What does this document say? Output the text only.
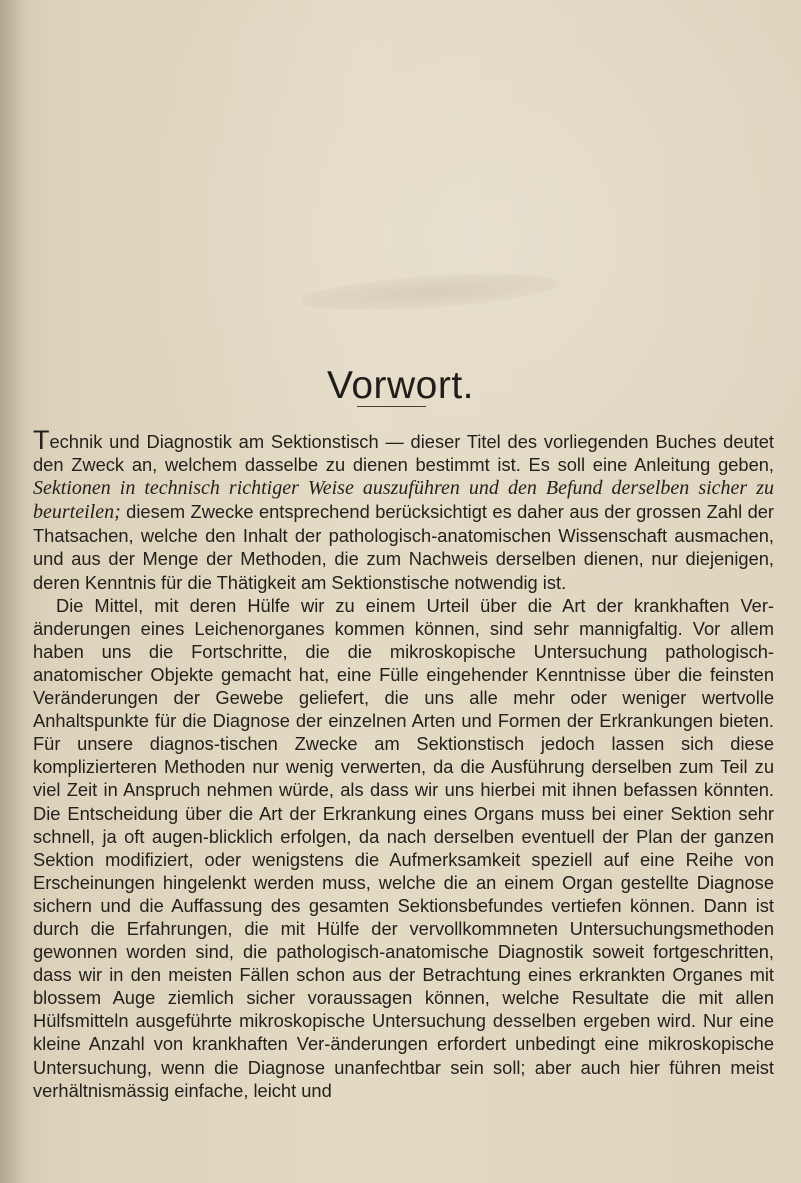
Vorwort.

Technik und Diagnostik am Sektionstisch — dieser Titel des vorliegenden Buches deutet den Zweck an, welchem dasselbe zu dienen bestimmt ist. Es soll eine Anleitung geben, Sektionen in technisch richtiger Weise auszuführen und den Befund derselben sicher zu beurteilen; diesem Zwecke entsprechend berücksichtigt es daher aus der grossen Zahl der Thatsachen, welche den Inhalt der pathologisch-anatomischen Wissenschaft ausmachen, und aus der Menge der Methoden, die zum Nachweis derselben dienen, nur diejenigen, deren Kenntnis für die Thätigkeit am Sektionstische notwendig ist.

Die Mittel, mit deren Hülfe wir zu einem Urteil über die Art der krankhaften Ver-änderungen eines Leichenorganes kommen können, sind sehr mannigfaltig. Vor allem haben uns die Fortschritte, die die mikroskopische Untersuchung pathologisch-anatomischer Objekte gemacht hat, eine Fülle eingehender Kenntnisse über die feinsten Veränderungen der Gewebe geliefert, die uns alle mehr oder weniger wertvolle Anhaltspunkte für die Diagnose der einzelnen Arten und Formen der Erkrankungen bieten. Für unsere diagnos-tischen Zwecke am Sektionstisch jedoch lassen sich diese komplizierteren Methoden nur wenig verwerten, da die Ausführung derselben zum Teil zu viel Zeit in Anspruch nehmen würde, als dass wir uns hierbei mit ihnen befassen könnten. Die Entscheidung über die Art der Erkrankung eines Organs muss bei einer Sektion sehr schnell, ja oft augen-blicklich erfolgen, da nach derselben eventuell der Plan der ganzen Sektion modifiziert, oder wenigstens die Aufmerksamkeit speziell auf eine Reihe von Erscheinungen hingelenkt werden muss, welche die an einem Organ gestellte Diagnose sichern und die Auffassung des gesamten Sektionsbefundes vertiefen können. Dann ist durch die Erfahrungen, die mit Hülfe der vervollkommneten Untersuchungsmethoden gewonnen worden sind, die pathologisch-anatomische Diagnostik soweit fortgeschritten, dass wir in den meisten Fällen schon aus der Betrachtung eines erkrankten Organes mit blossem Auge ziemlich sicher voraussagen können, welche Resultate die mit allen Hülfsmitteln ausgeführte mikroskopische Untersuchung desselben ergeben wird. Nur eine kleine Anzahl von krankhaften Ver-änderungen erfordert unbedingt eine mikroskopische Untersuchung, wenn die Diagnose unanfechtbar sein soll; aber auch hier führen meist verhältnismässig einfache, leicht und
